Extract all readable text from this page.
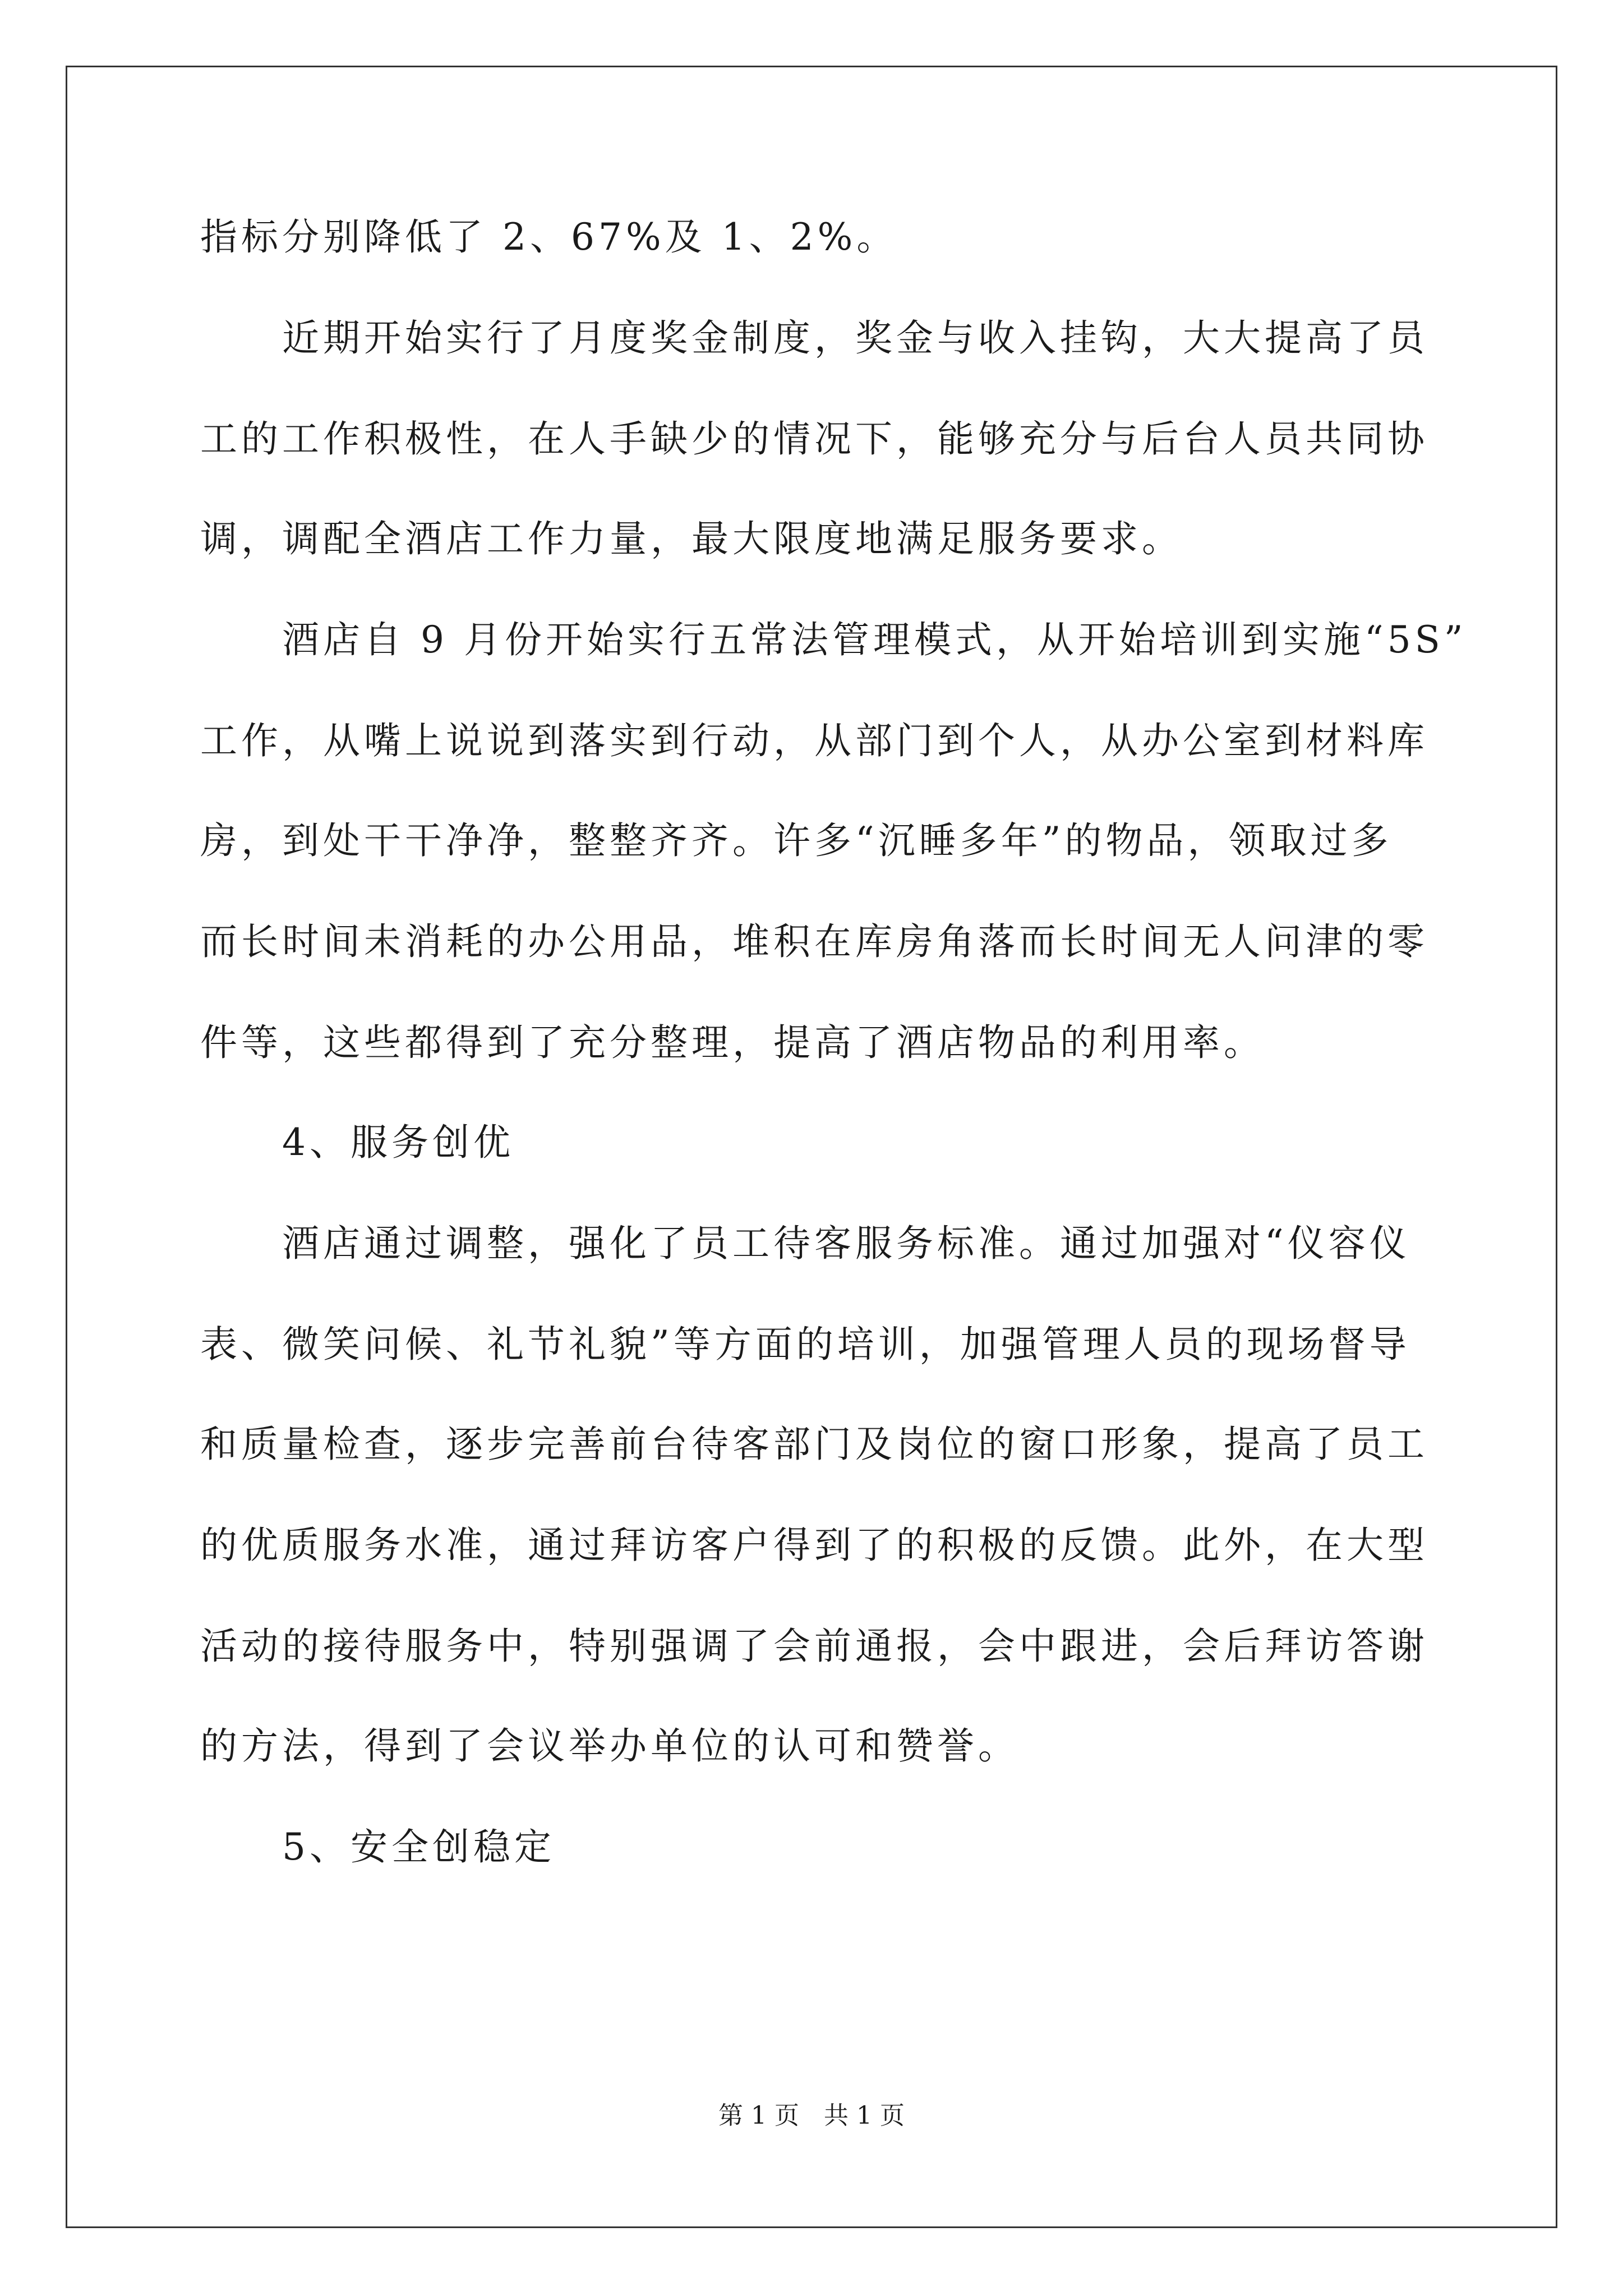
指标分别降低了 2、67%及 1、2%。
　　近期开始实行了月度奖金制度，奖金与收入挂钩，大大提高了员
工的工作积极性，在人手缺少的情况下，能够充分与后台人员共同协
调，调配全酒店工作力量，最大限度地满足服务要求。
　　酒店自 9 月份开始实行五常法管理模式，从开始培训到实施“5S”
工作，从嘴上说说到落实到行动，从部门到个人，从办公室到材料库
房，到处干干净净，整整齐齐。许多“沉睡多年”的物品，领取过多
而长时间未消耗的办公用品，堆积在库房角落而长时间无人问津的零
件等，这些都得到了充分整理，提高了酒店物品的利用率。
　　4、服务创优
　　酒店通过调整，强化了员工待客服务标准。通过加强对“仪容仪
表、微笑问候、礼节礼貌”等方面的培训，加强管理人员的现场督导
和质量检查，逐步完善前台待客部门及岗位的窗口形象，提高了员工
的优质服务水准，通过拜访客户得到了的积极的反馈。此外，在大型
活动的接待服务中，特别强调了会前通报，会中跟进，会后拜访答谢
的方法，得到了会议举办单位的认可和赞誉。
　　5、安全创稳定
第 1 页　共 1 页
